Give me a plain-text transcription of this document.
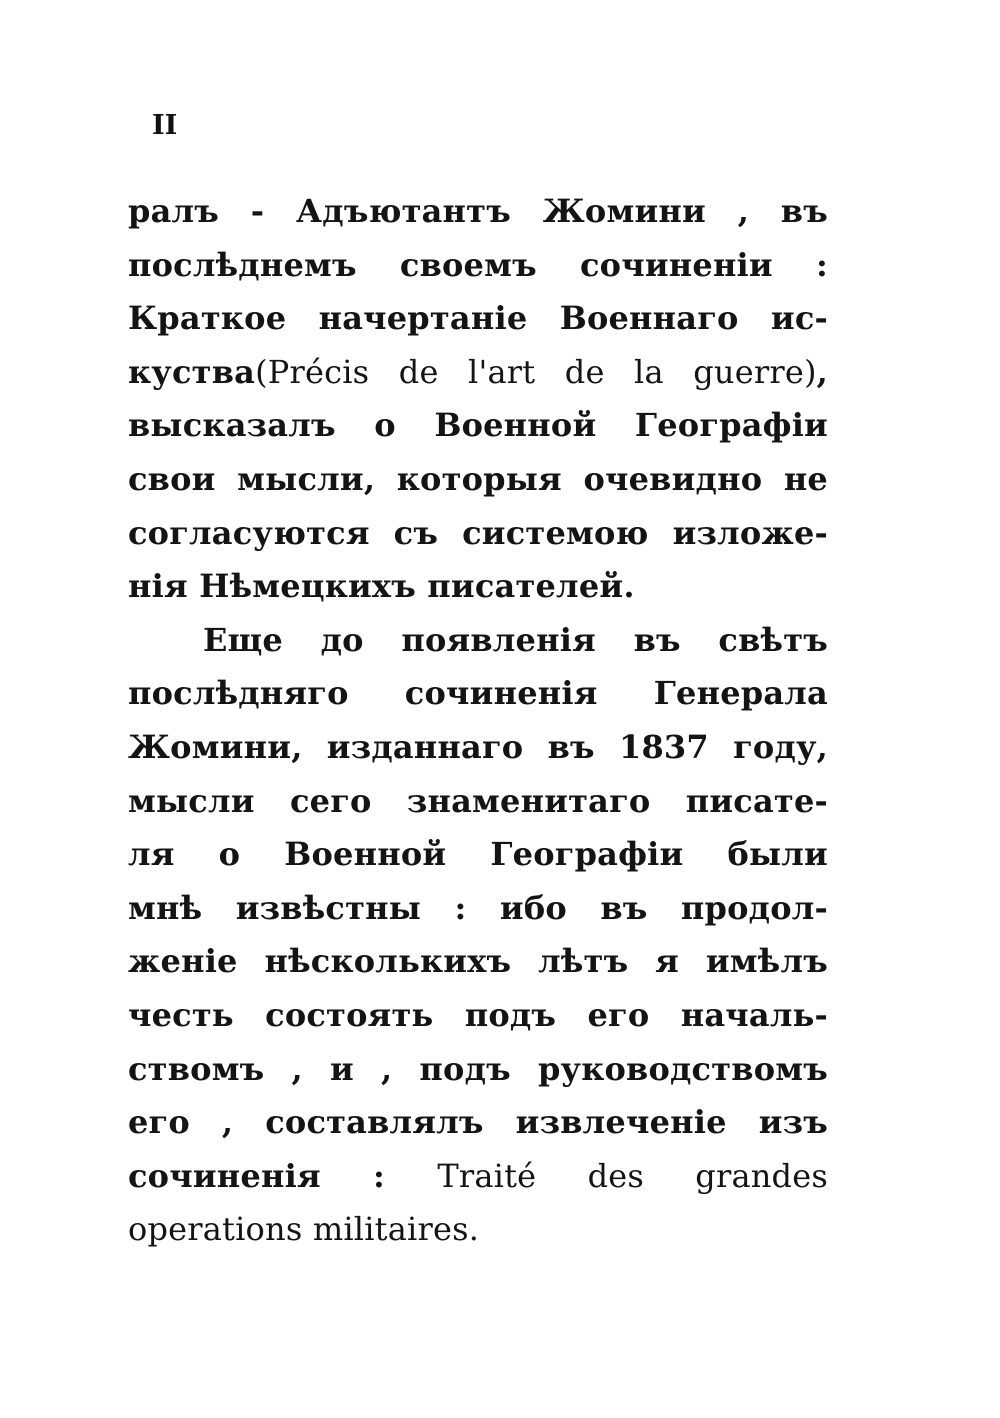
II
ралъ - Адъютантъ Жомини , въ
послѣднемъ своемъ сочиненіи :
Краткое начертаніе Военнаго ис-
куства(Précis de l'art de la guerre),
высказалъ о Военной Географіи
свои мысли, которыя очевидно не
согласуются съ системою изложе-
нія Нѣмецкихъ писателей.
Еще до появленія въ свѣтъ
послѣдняго сочиненія Генерала
Жомини, изданнаго въ 1837 году,
мысли сего знаменитаго писате-
ля о Военной Географіи были
мнѣ извѣстны : ибо въ продол-
женіе нѣсколькихъ лѣтъ я имѣлъ
честь состоять подъ его началь-
ствомъ , и , подъ руководствомъ
его , составлялъ извлеченіе изъ
сочиненія : Traité des grandes
operations militaires.
